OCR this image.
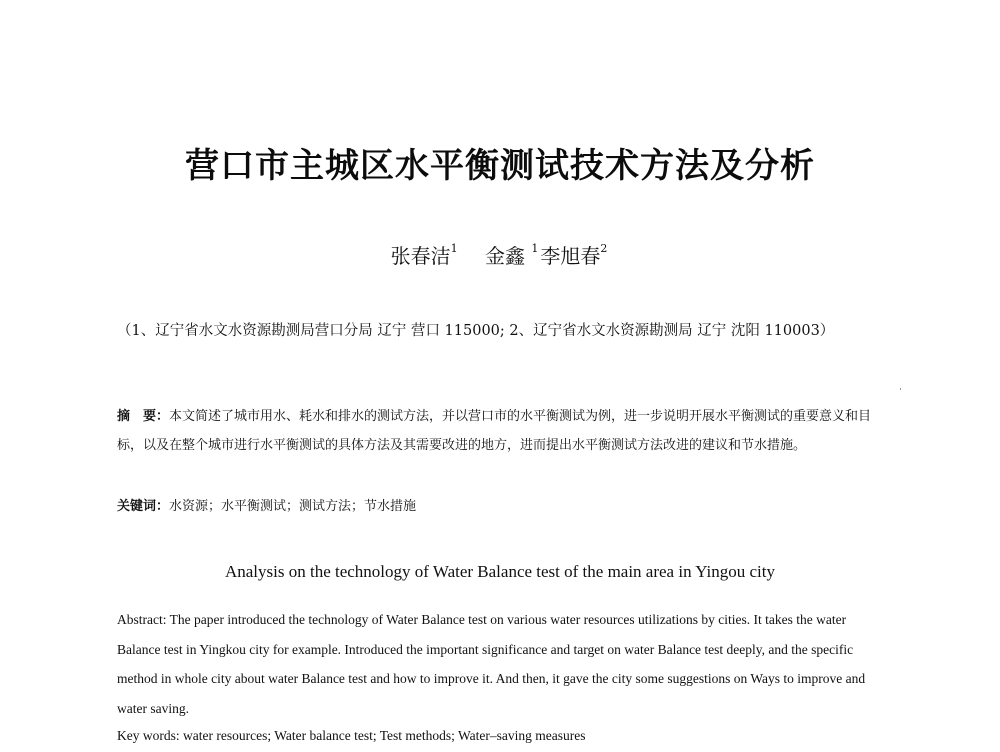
营口市主城区水平衡测试技术方法及分析
张春洁$^1$ 金鑫 $^1$ 李旭春$^2$
（1、辽宁省水文水资源勘测局营口分局 辽宁 营口 115000; 2、辽宁省水文水资源勘测局 辽宁 沈阳 110003）
摘　要：本文简述了城市用水、耗水和排水的测试方法，并以营口市的水平衡测试为例，进一步说明开展水平衡测试的重要意义和目标，以及在整个城市进行水平衡测试的具体方法及其需要改进的地方，进而提出水平衡测试方法改进的建议和节水措施。
关键词：水资源；水平衡测试；测试方法；节水措施
Analysis on the technology of Water Balance test of the main area in Yingou city
Abstract: The paper introduced the technology of Water Balance test on various water resources utilizations by cities. It takes the water Balance test in Yingkou city for example. Introduced the important significance and target on water Balance test deeply, and the specific method in whole city about water Balance test and how to improve it. And then, it gave the city some suggestions on Ways to improve and water saving.
Key words: water resources; Water balance test; Test methods; Water–saving measures
